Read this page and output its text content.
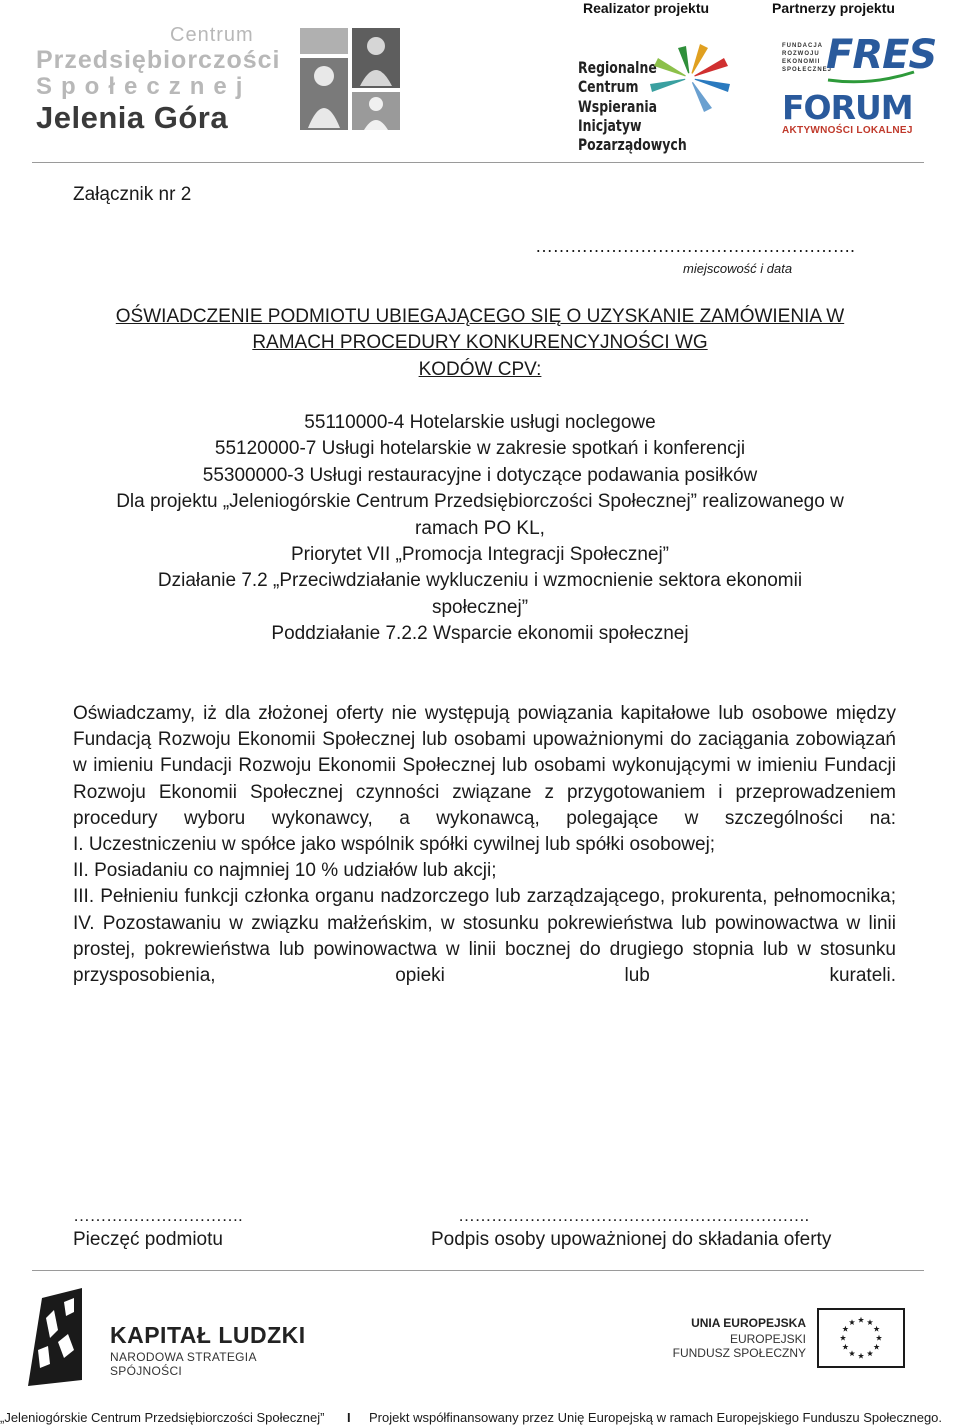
Realizator projektu	Partnerzy projektu
Centrum
Przedsiębiorczości
Społecznej
Jelenia Góra
Regionalne
Centrum
Wspierania
Inicjatyw Pozarządowych
FUNDACJA
ROZWOJU
EKONOMII
SPOŁECZNEJ
FRES
FORUM
AKTYWNOŚCI LOKALNEJ
Załącznik nr 2
……………………………………………….
miejscowość i data
OŚWIADCZENIE PODMIOTU UBIEGAJĄCEGO SIĘ O UZYSKANIE ZAMÓWIENIA W
RAMACH PROCEDURY KONKURENCYJNOŚCI WG
KODÓW CPV:
55110000-4 Hotelarskie usługi noclegowe
55120000-7 Usługi hotelarskie w zakresie spotkań i konferencji
55300000-3 Usługi restauracyjne i dotyczące podawania posiłków
Dla projektu „Jeleniogórskie Centrum Przedsiębiorczości Społecznej” realizowanego w
ramach PO KL,
Priorytet VII „Promocja Integracji Społecznej”
Działanie 7.2 „Przeciwdziałanie wykluczeniu i wzmocnienie sektora ekonomii
społecznej”
Poddziałanie 7.2.2 Wsparcie ekonomii społecznej

Oświadczamy, iż dla złożonej oferty nie występują powiązania kapitałowe lub osobowe między Fundacją Rozwoju Ekonomii Społecznej lub osobami upoważnionymi do zaciągania zobowiązań w imieniu Fundacji Rozwoju Ekonomii Społecznej lub osobami wykonującymi w imieniu Fundacji Rozwoju Ekonomii Społecznej czynności związane z przygotowaniem i przeprowadzeniem procedury wyboru wykonawcy, a wykonawcą, polegające w szczególności na:

I. Uczestniczeniu w spółce jako wspólnik spółki cywilnej lub spółki osobowej;

II. Posiadaniu co najmniej 10 % udziałów lub akcji;

III. Pełnieniu funkcji członka organu nadzorczego lub zarządzającego, prokurenta, pełnomocnika;

IV. Pozostawaniu w związku małżeńskim, w stosunku pokrewieństwa lub powinowactwa w linii prostej, pokrewieństwa lub powinowactwa w linii bocznej do drugiego stopnia lub w stosunku przysposobienia, opieki lub kurateli.

………………………….
Pieczęć podmiotu
……………………………………………………….
Podpis osoby upoważnionej do składania oferty
KAPITAŁ LUDZKI
NARODOWA STRATEGIA SPÓJNOŚCI
UNIA EUROPEJSKA
EUROPEJSKI
FUNDUSZ SPOŁECZNY
„Jeleniogórskie Centrum Przedsiębiorczości Społecznej” I Projekt współfinansowany przez Unię Europejską w ramach Europejskiego Funduszu Społecznego.
